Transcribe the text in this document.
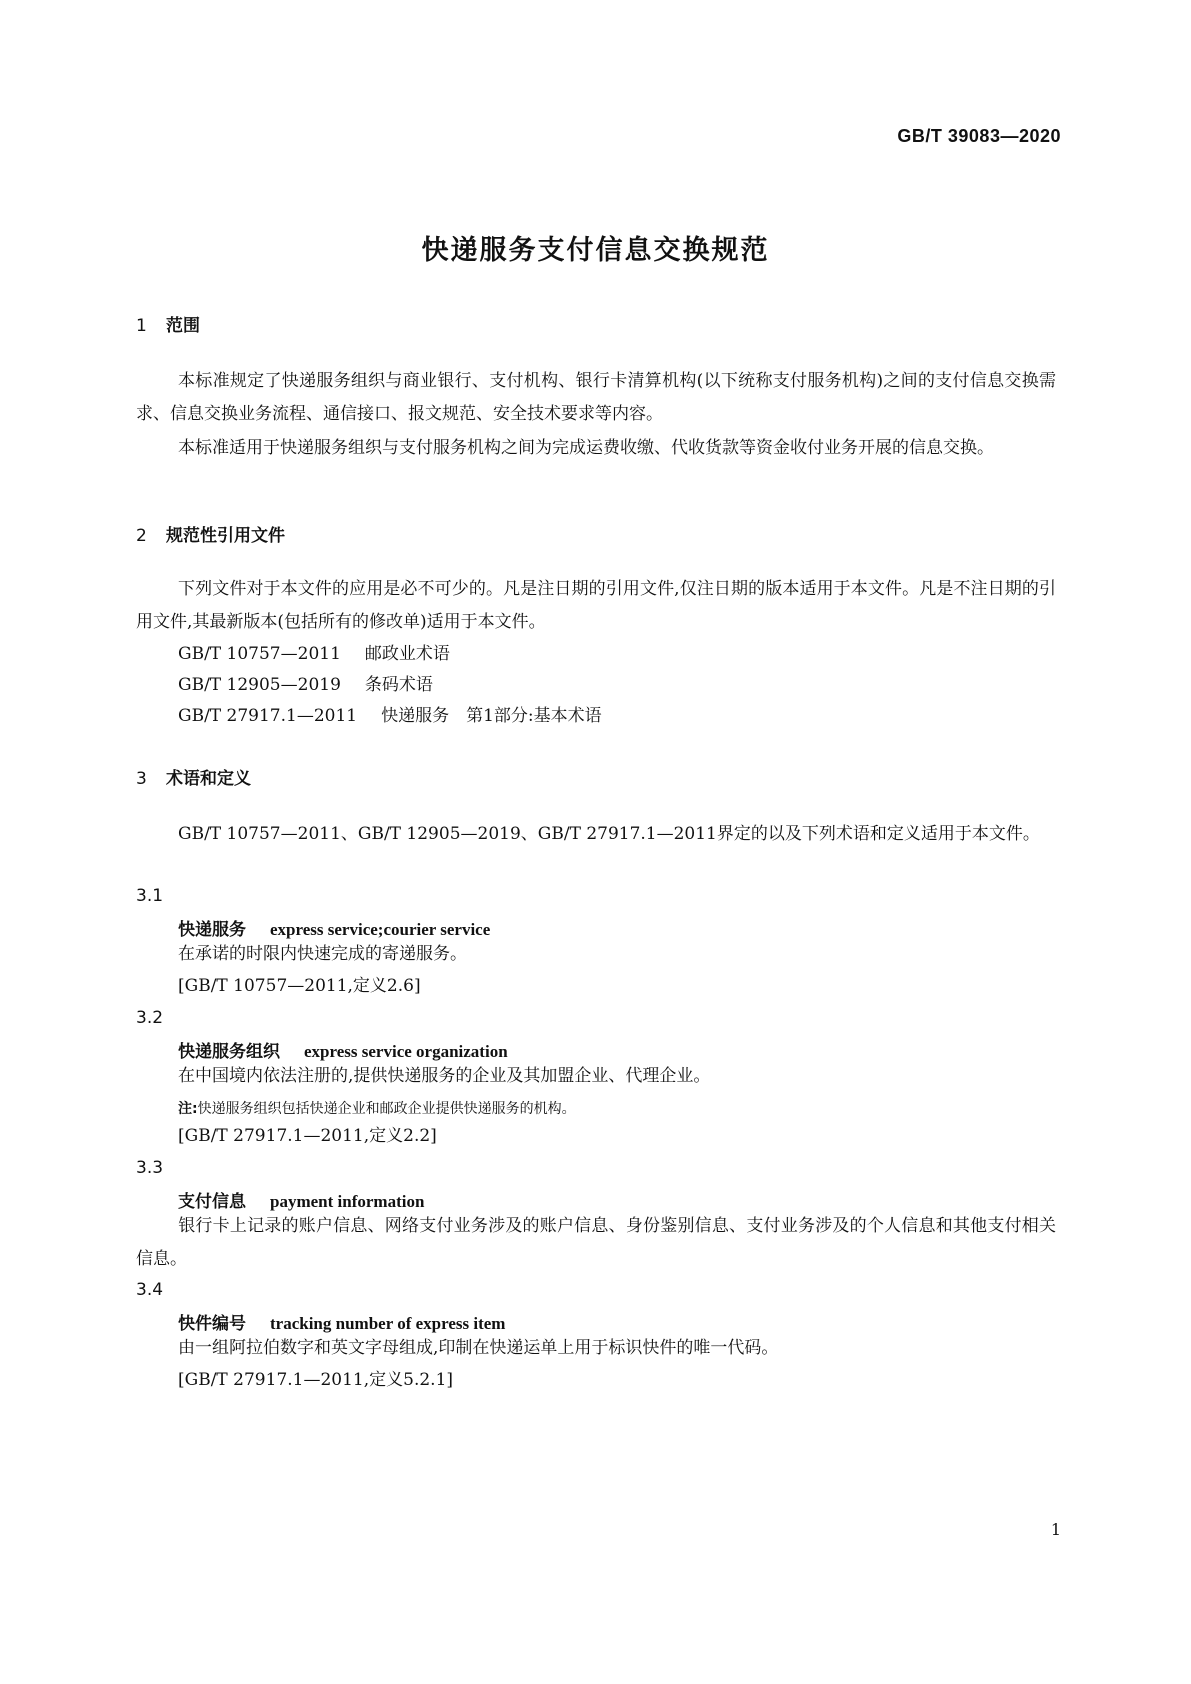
GB/T 39083—2020
快递服务支付信息交换规范
1 范围
本标准规定了快递服务组织与商业银行、支付机构、银行卡清算机构(以下统称支付服务机构)之间的支付信息交换需求、信息交换业务流程、通信接口、报文规范、安全技术要求等内容。
本标准适用于快递服务组织与支付服务机构之间为完成运费收缴、代收货款等资金收付业务开展的信息交换。
2 规范性引用文件
下列文件对于本文件的应用是必不可少的。凡是注日期的引用文件,仅注日期的版本适用于本文件。凡是不注日期的引用文件,其最新版本(包括所有的修改单)适用于本文件。
GB/T 10757—2011 邮政业术语
GB/T 12905—2019 条码术语
GB/T 27917.1—2011 快递服务　第1部分:基本术语
3 术语和定义
GB/T 10757—2011、GB/T 12905—2019、GB/T 27917.1—2011界定的以及下列术语和定义适用于本文件。
3.1
快递服务 express service;courier service
在承诺的时限内快速完成的寄递服务。
[GB/T 10757—2011,定义2.6]
3.2
快递服务组织 express service organization
在中国境内依法注册的,提供快递服务的企业及其加盟企业、代理企业。
注:快递服务组织包括快递企业和邮政企业提供快递服务的机构。
[GB/T 27917.1—2011,定义2.2]
3.3
支付信息 payment information
银行卡上记录的账户信息、网络支付业务涉及的账户信息、身份鉴别信息、支付业务涉及的个人信息和其他支付相关信息。
3.4
快件编号 tracking number of express item
由一组阿拉伯数字和英文字母组成,印制在快递运单上用于标识快件的唯一代码。
[GB/T 27917.1—2011,定义5.2.1]
1
